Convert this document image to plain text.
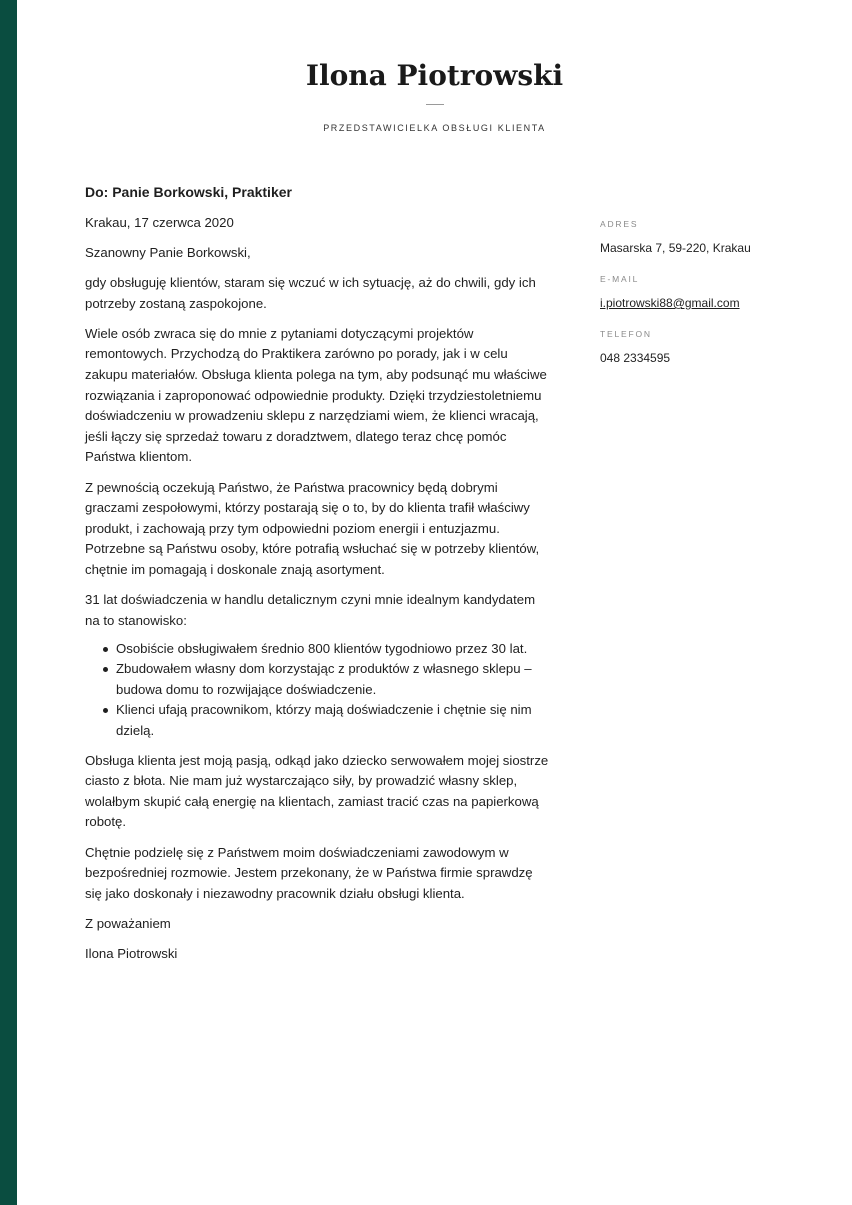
Ilona Piotrowski
PRZEDSTAWICIELKA OBSŁUGI KLIENTA

Do: Panie Borkowski, Praktiker

Krakau, 17 czerwca 2020

Szanowny Panie Borkowski,

gdy obsługuję klientów, staram się wczuć w ich sytuację, aż do chwili, gdy ich potrzeby zostaną zaspokojone.

Wiele osób zwraca się do mnie z pytaniami dotyczącymi projektów remontowych. Przychodzą do Praktikera zarówno po porady, jak i w celu zakupu materiałów. Obsługa klienta polega na tym, aby podsunąć mu właściwe rozwiązania i zaproponować odpowiednie produkty. Dzięki trzydziestoletniemu doświadczeniu w prowadzeniu sklepu z narzędziami wiem, że klienci wracają, jeśli łączy się sprzedaż towaru z doradztwem, dlatego teraz chcę pomóc Państwa klientom.

Z pewnością oczekują Państwo, że Państwa pracownicy będą dobrymi graczami zespołowymi, którzy postarają się o to, by do klienta trafił właściwy produkt, i zachowają przy tym odpowiedni poziom energii i entuzjazmu. Potrzebne są Państwu osoby, które potrafią wsłuchać się w potrzeby klientów, chętnie im pomagają i doskonale znają asortyment.

31 lat doświadczenia w handlu detalicznym czyni mnie idealnym kandydatem na to stanowisko:

Osobiście obsługiwałem średnio 800 klientów tygodniowo przez 30 lat.
Zbudowałem własny dom korzystając z produktów z własnego sklepu – budowa domu to rozwijające doświadczenie.
Klienci ufają pracownikom, którzy mają doświadczenie i chętnie się nim dzielą.

Obsługa klienta jest moją pasją, odkąd jako dziecko serwowałem mojej siostrze ciasto z błota. Nie mam już wystarczająco siły, by prowadzić własny sklep, wolałbym skupić całą energię na klientach, zamiast tracić czas na papierkową robotę.

Chętnie podzielę się z Państwem moim doświadczeniami zawodowym w bezpośredniej rozmowie. Jestem przekonany, że w Państwa firmie sprawdzę się jako doskonały i niezawodny pracownik działu obsługi klienta.

Z poważaniem

Ilona Piotrowski

ADRES
Masarska 7, 59-220, Krakau
E-MAIL
i.piotrowski88@gmail.com
TELEFON
048 2334595
